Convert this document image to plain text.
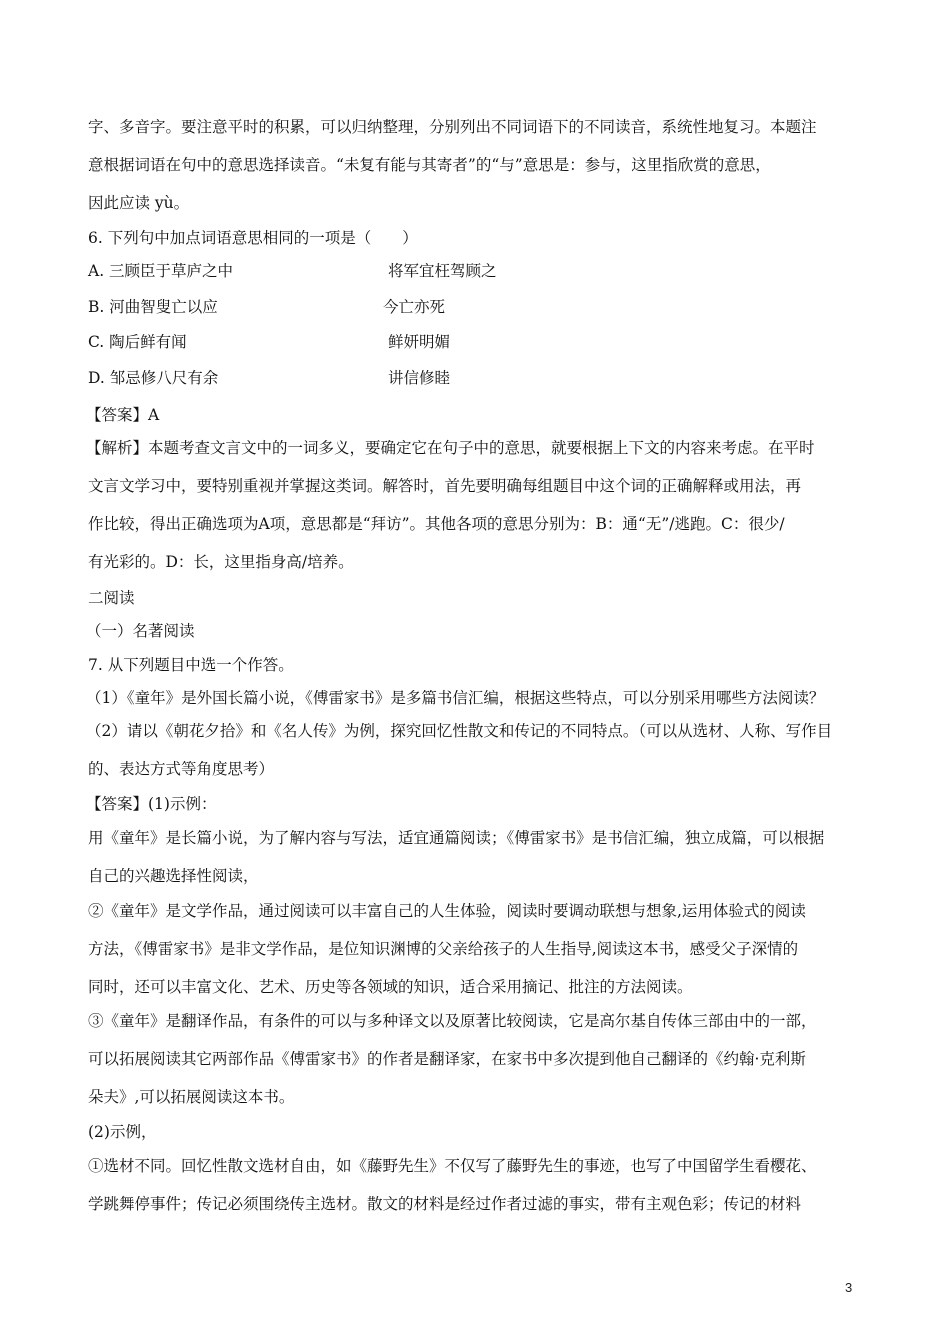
字、多音字。要注意平时的积累，可以归纳整理，分别列出不同词语下的不同读音，系统性地复习。本题注
意根据词语在句中的意思选择读音。“未复有能与其寄者”的“与”意思是：参与，这里指欣赏的意思，
因此应读 yù。
6. 下列句中加点词语意思相同的一项是（　　）
A. 三顾臣于草庐之中	将军宜枉驾顾之
B. 河曲智叟亡以应	今亡亦死
C. 陶后鲜有闻	鲜妍明媚
D. 邹忌修八尺有余	讲信修睦
【答案】A
【解析】本题考查文言文中的一词多义，要确定它在句子中的意思，就要根据上下文的内容来考虑。在平时
文言文学习中，要特别重视并掌握这类词。解答时，首先要明确每组题目中这个词的正确解释或用法，再
作比较，得出正确选项为A项，意思都是“拜访”。其他各项的意思分别为：B：通“无”/逃跑。C：很少/
有光彩的。D：长，这里指身高/培养。
二阅读
（一）名著阅读
7. 从下列题目中选一个作答。
（1）《童年》是外国长篇小说，《傅雷家书》是多篇书信汇编，根据这些特点，可以分别采用哪些方法阅读？
（2）请以《朝花夕拾》和《名人传》为例，探究回忆性散文和传记的不同特点。（可以从选材、人称、写作目
的、表达方式等角度思考）
【答案】(1)示例：
用《童年》是长篇小说，为了解内容与写法，适宜通篇阅读；《傅雷家书》是书信汇编，独立成篇，可以根据
自己的兴趣选择性阅读，
②《童年》是文学作品，通过阅读可以丰富自己的人生体验，阅读时要调动联想与想象,运用体验式的阅读
方法，《傅雷家书》是非文学作品，是位知识渊博的父亲给孩子的人生指导,阅读这本书，感受父子深情的
同时，还可以丰富文化、艺术、历史等各领域的知识，适合采用摘记、批注的方法阅读。
③《童年》是翻译作品，有条件的可以与多种译文以及原著比较阅读，它是高尔基自传体三部由中的一部，
可以拓展阅读其它两部作品《傅雷家书》的作者是翻译家，在家书中多次提到他自己翻译的《约翰·克利斯
朵夫》,可以拓展阅读这本书。
(2)示例，
①选材不同。回忆性散文选材自由，如《藤野先生》不仅写了藤野先生的事迹，也写了中国留学生看樱花、
学跳舞停事件；传记必须围绕传主选材。散文的材料是经过作者过滤的事实，带有主观色彩；传记的材料
3
